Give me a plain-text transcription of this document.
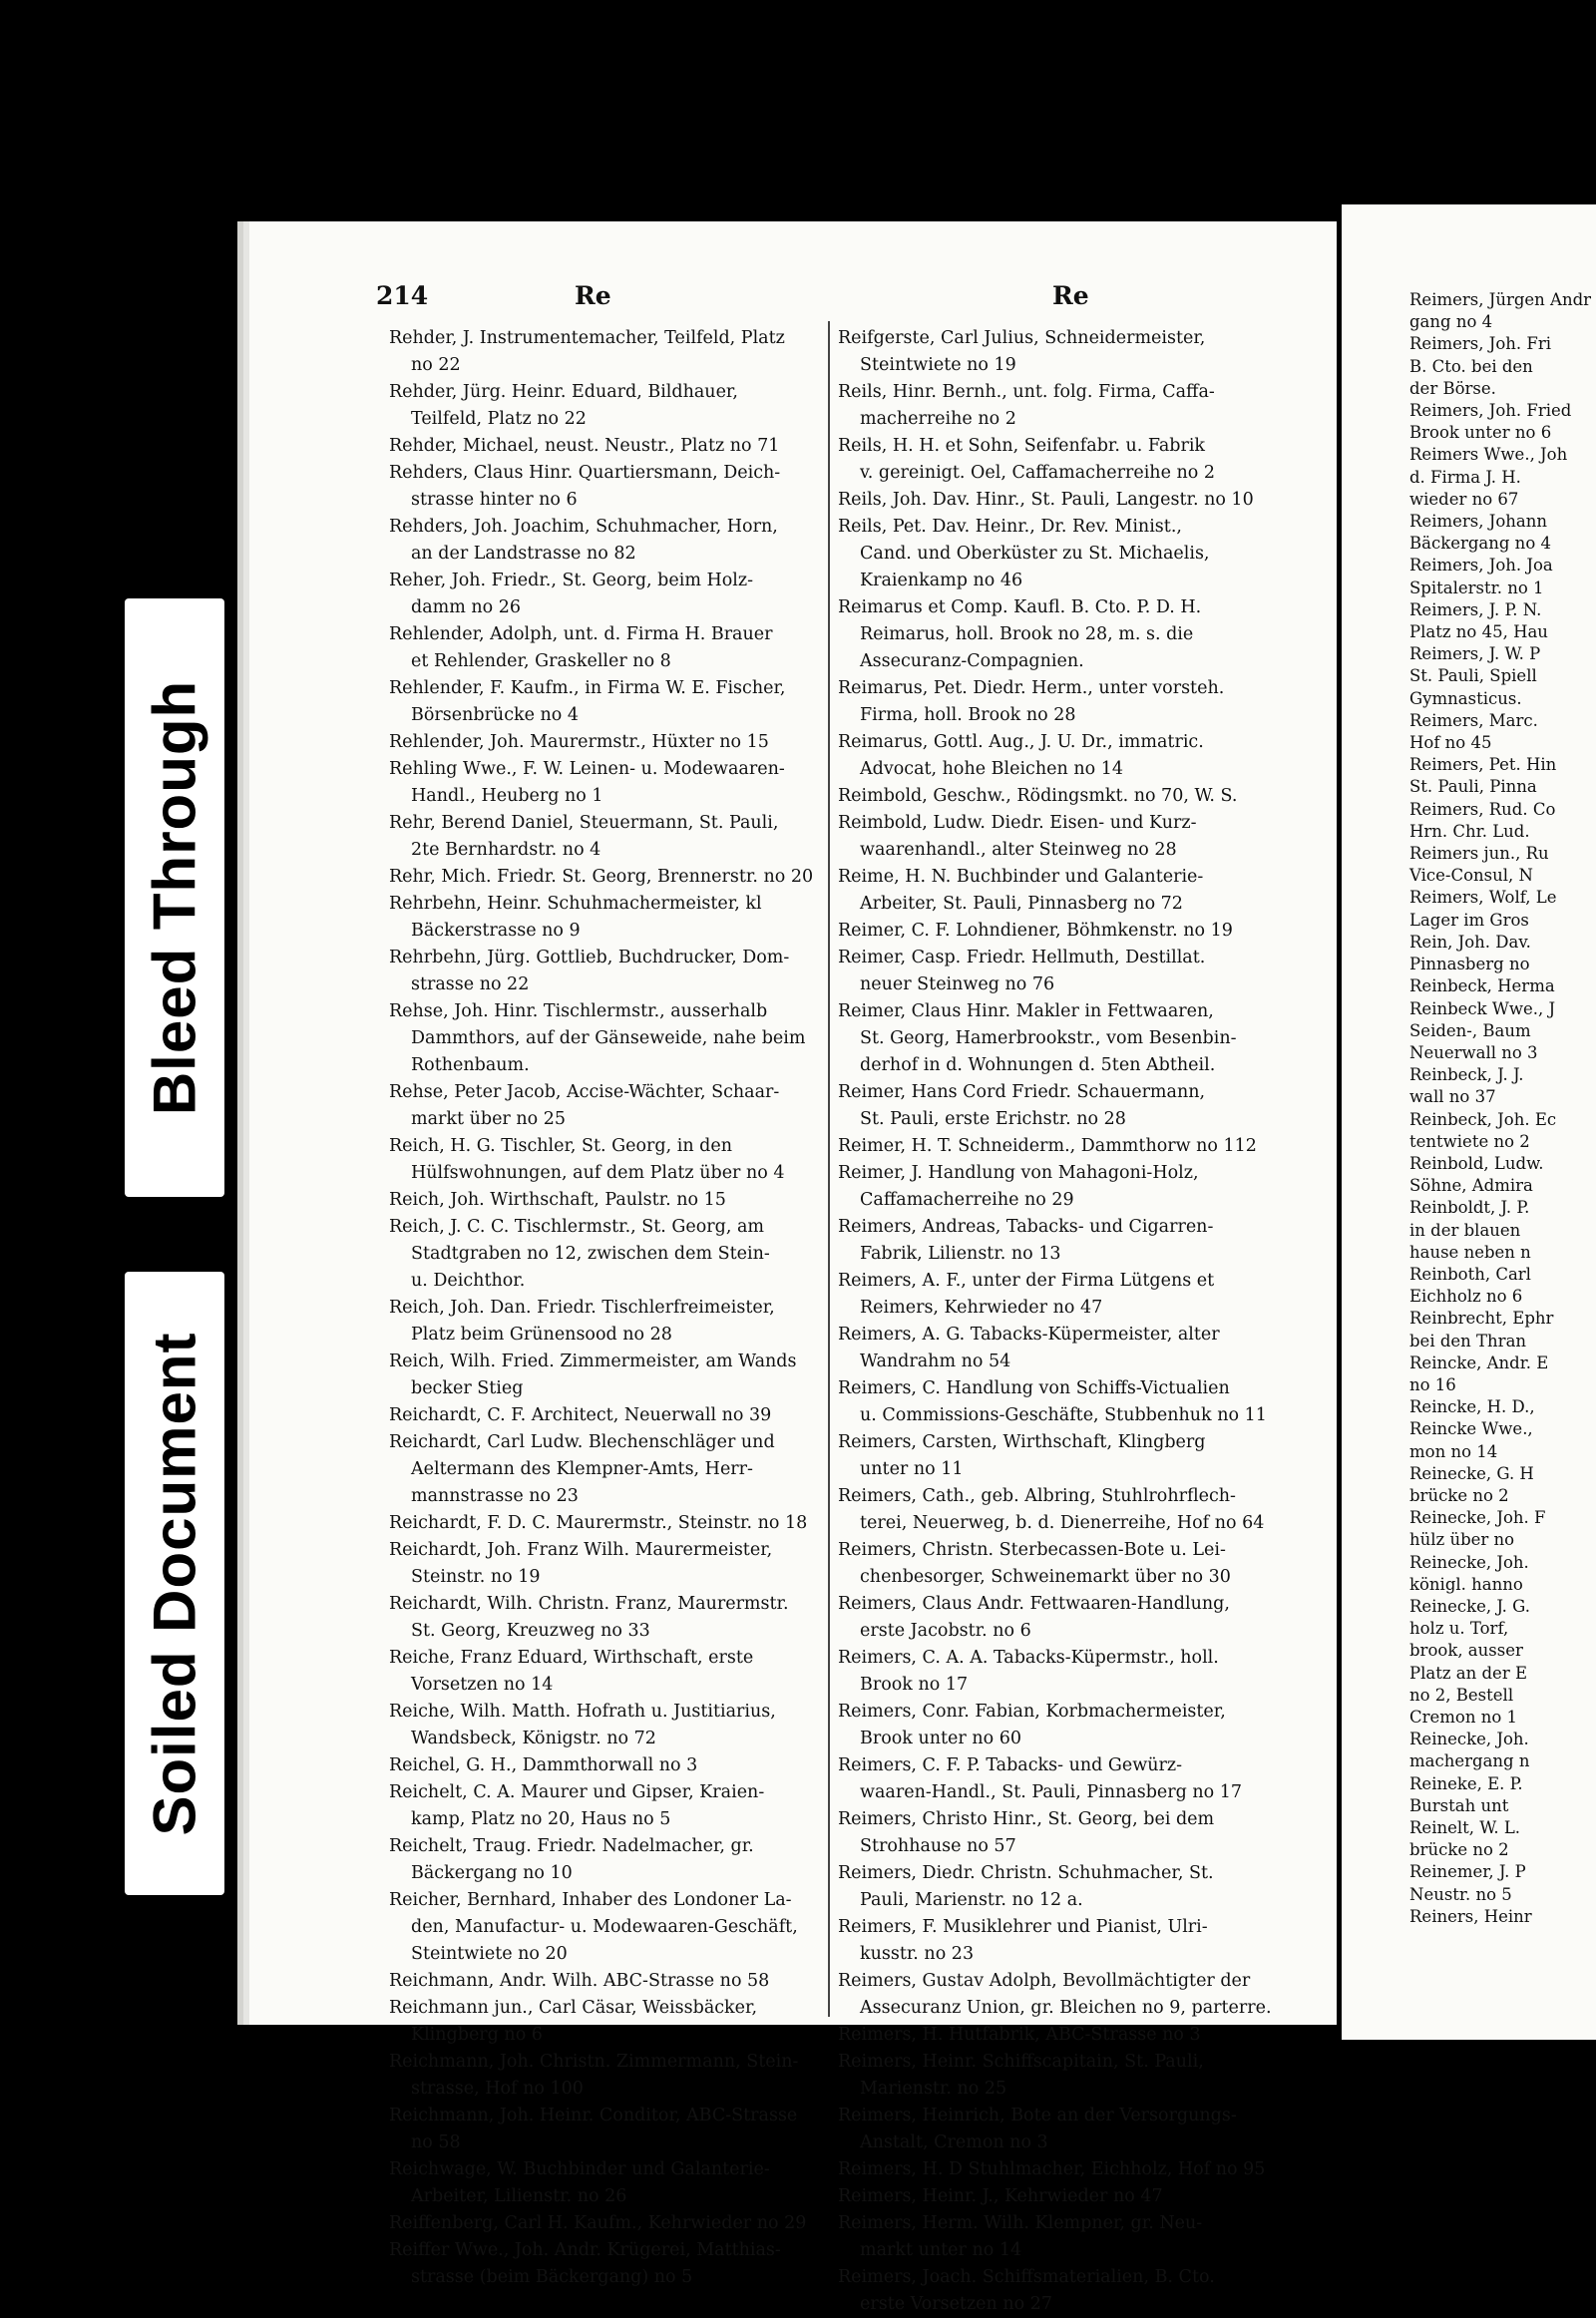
Bleed Through
Soiled Document
214	Re	Re
Rehder, J. Instrumentemacher, Teilfeld, Platz
no 22
Rehder, Jürg. Heinr. Eduard, Bildhauer,
Teilfeld, Platz no 22
Rehder, Michael, neust. Neustr., Platz no 71
Rehders, Claus Hinr. Quartiersmann, Deich-
strasse hinter no 6
Rehders, Joh. Joachim, Schuhmacher, Horn,
an der Landstrasse no 82
Reher, Joh. Friedr., St. Georg, beim Holz-
damm no 26
Rehlender, Adolph, unt. d. Firma H. Brauer
et Rehlender, Graskeller no 8
Rehlender, F. Kaufm., in Firma W. E. Fischer,
Börsenbrücke no 4
Rehlender, Joh. Maurermstr., Hüxter no 15
Rehling Wwe., F. W. Leinen- u. Modewaaren-
Handl., Heuberg no 1
Rehr, Berend Daniel, Steuermann, St. Pauli,
2te Bernhardstr. no 4
Rehr, Mich. Friedr. St. Georg, Brennerstr. no 20
Rehrbehn, Heinr. Schuhmachermeister, kl
Bäckerstrasse no 9
Rehrbehn, Jürg. Gottlieb, Buchdrucker, Dom-
strasse no 22
Rehse, Joh. Hinr. Tischlermstr., ausserhalb
Dammthors, auf der Gänseweide, nahe beim
Rothenbaum.
Rehse, Peter Jacob, Accise-Wächter, Schaar-
markt über no 25
Reich, H. G. Tischler, St. Georg, in den
Hülfswohnungen, auf dem Platz über no 4
Reich, Joh. Wirthschaft, Paulstr. no 15
Reich, J. C. C. Tischlermstr., St. Georg, am
Stadtgraben no 12, zwischen dem Stein-
u. Deichthor.
Reich, Joh. Dan. Friedr. Tischlerfreimeister,
Platz beim Grünensood no 28
Reich, Wilh. Fried. Zimmermeister, am Wands
becker Stieg
Reichardt, C. F. Architect, Neuerwall no 39
Reichardt, Carl Ludw. Blechenschläger und
Aeltermann des Klempner-Amts, Herr-
mannstrasse no 23
Reichardt, F. D. C. Maurermstr., Steinstr. no 18
Reichardt, Joh. Franz Wilh. Maurermeister,
Steinstr. no 19
Reichardt, Wilh. Christn. Franz, Maurermstr.
St. Georg, Kreuzweg no 33
Reiche, Franz Eduard, Wirthschaft, erste
Vorsetzen no 14
Reiche, Wilh. Matth. Hofrath u. Justitiarius,
Wandsbeck, Königstr. no 72
Reichel, G. H., Dammthorwall no 3
Reichelt, C. A. Maurer und Gipser, Kraien-
kamp, Platz no 20, Haus no 5
Reichelt, Traug. Friedr. Nadelmacher, gr.
Bäckergang no 10
Reicher, Bernhard, Inhaber des Londoner La-
den, Manufactur- u. Modewaaren-Geschäft,
Steintwiete no 20
Reichmann, Andr. Wilh. ABC-Strasse no 58
Reichmann jun., Carl Cäsar, Weissbäcker,
Klingberg no 6
Reichmann, Joh. Christn. Zimmermann, Stein-
strasse, Hof no 100
Reichmann, Joh. Heinr. Conditor, ABC-Strasse
no 58
Reichwage, W. Buchbinder und Galanterie-
Arbeiter, Lilienstr. no 26
Reiffenberg, Carl H. Kaufm., Kehrwieder no 29
Reiffer Wwe., Joh. Andr. Krügerei, Matthias-
strasse (beim Bäckergang) no 5
Reifgerste, Carl Julius, Schneidermeister,
Steintwiete no 19
Reils, Hinr. Bernh., unt. folg. Firma, Caffa-
macherreihe no 2
Reils, H. H. et Sohn, Seifenfabr. u. Fabrik
v. gereinigt. Oel, Caffamacherreihe no 2
Reils, Joh. Dav. Hinr., St. Pauli, Langestr. no 10
Reils, Pet. Dav. Heinr., Dr. Rev. Minist.,
Cand. und Oberküster zu St. Michaelis,
Kraienkamp no 46
Reimarus et Comp. Kaufl. B. Cto. P. D. H.
Reimarus, holl. Brook no 28, m. s. die
Assecuranz-Compagnien.
Reimarus, Pet. Diedr. Herm., unter vorsteh.
Firma, holl. Brook no 28
Reimarus, Gottl. Aug., J. U. Dr., immatric.
Advocat, hohe Bleichen no 14
Reimbold, Geschw., Rödingsmkt. no 70, W. S.
Reimbold, Ludw. Diedr. Eisen- und Kurz-
waarenhandl., alter Steinweg no 28
Reime, H. N. Buchbinder und Galanterie-
Arbeiter, St. Pauli, Pinnasberg no 72
Reimer, C. F. Lohndiener, Böhmkenstr. no 19
Reimer, Casp. Friedr. Hellmuth, Destillat.
neuer Steinweg no 76
Reimer, Claus Hinr. Makler in Fettwaaren,
St. Georg, Hamerbrookstr., vom Besenbin-
derhof in d. Wohnungen d. 5ten Abtheil.
Reimer, Hans Cord Friedr. Schauermann,
St. Pauli, erste Erichstr. no 28
Reimer, H. T. Schneiderm., Dammthorw no 112
Reimer, J. Handlung von Mahagoni-Holz,
Caffamacherreihe no 29
Reimers, Andreas, Tabacks- und Cigarren-
Fabrik, Lilienstr. no 13
Reimers, A. F., unter der Firma Lütgens et
Reimers, Kehrwieder no 47
Reimers, A. G. Tabacks-Küpermeister, alter
Wandrahm no 54
Reimers, C. Handlung von Schiffs-Victualien
u. Commissions-Geschäfte, Stubbenhuk no 11
Reimers, Carsten, Wirthschaft, Klingberg
unter no 11
Reimers, Cath., geb. Albring, Stuhlrohrflech-
terei, Neuerweg, b. d. Dienerreihe, Hof no 64
Reimers, Christn. Sterbecassen-Bote u. Lei-
chenbesorger, Schweinemarkt über no 30
Reimers, Claus Andr. Fettwaaren-Handlung,
erste Jacobstr. no 6
Reimers, C. A. A. Tabacks-Küpermstr., holl.
Brook no 17
Reimers, Conr. Fabian, Korbmachermeister,
Brook unter no 60
Reimers, C. F. P. Tabacks- und Gewürz-
waaren-Handl., St. Pauli, Pinnasberg no 17
Reimers, Christo Hinr., St. Georg, bei dem
Strohhause no 57
Reimers, Diedr. Christn. Schuhmacher, St.
Pauli, Marienstr. no 12 a.
Reimers, F. Musiklehrer und Pianist, Ulri-
kusstr. no 23
Reimers, Gustav Adolph, Bevollmächtigter der
Assecuranz Union, gr. Bleichen no 9, parterre.
Reimers, H. Hutfabrik, ABC-Strasse no 3
Reimers, Heinr. Schiffscapitain, St. Pauli,
Marienstr. no 25
Reimers, Heinrich, Bote an der Versorgungs-
Anstalt, Cremon no 3
Reimers, H. D Stuhlmacher, Eichholz, Hof no 95
Reimers, Heinr. J., Kehrwieder no 47
Reimers, Herm. Wilh. Klempner, gr. Neu-
markt unter no 14
Reimers, Joach. Schiffsmaterialien, B. Cto.
erste Vorsetzen no 27
Reimers, Jürgen Andr
gang no 4
Reimers, Joh. Fri
B. Cto. bei den
der Börse.
Reimers, Joh. Fried
Brook unter no 6
Reimers Wwe., Joh
d. Firma J. H.
wieder no 67
Reimers, Johann
Bäckergang no 4
Reimers, Joh. Joa
Spitalerstr. no 1
Reimers, J. P. N.
Platz no 45, Hau
Reimers, J. W. P
St. Pauli, Spiell
Gymnasticus.
Reimers, Marc.
Hof no 45
Reimers, Pet. Hin
St. Pauli, Pinna
Reimers, Rud. Co
Hrn. Chr. Lud.
Reimers jun., Ru
Vice-Consul, N
Reimers, Wolf, Le
Lager im Gros
Rein, Joh. Dav.
Pinnasberg no
Reinbeck, Herma
Reinbeck Wwe., J
Seiden-, Baum
Neuerwall no 3
Reinbeck, J. J.
wall no 37
Reinbeck, Joh. Ec
tentwiete no 2
Reinbold, Ludw.
Söhne, Admira
Reinboldt, J. P.
in der blauen
hause neben n
Reinboth, Carl
Eichholz no 6
Reinbrecht, Ephr
bei den Thran
Reincke, Andr. E
no 16
Reincke, H. D.,
Reincke Wwe.,
mon no 14
Reinecke, G. H
brücke no 2
Reinecke, Joh. F
hülz über no
Reinecke, Joh.
königl. hanno
Reinecke, J. G.
holz u. Torf,
brook, ausser
Platz an der E
no 2, Bestell
Cremon no 1
Reinecke, Joh.
machergang n
Reineke, E. P.
Burstah unt
Reinelt, W. L.
brücke no 2
Reinemer, J. P
Neustr. no 5
Reiners, Heinr
